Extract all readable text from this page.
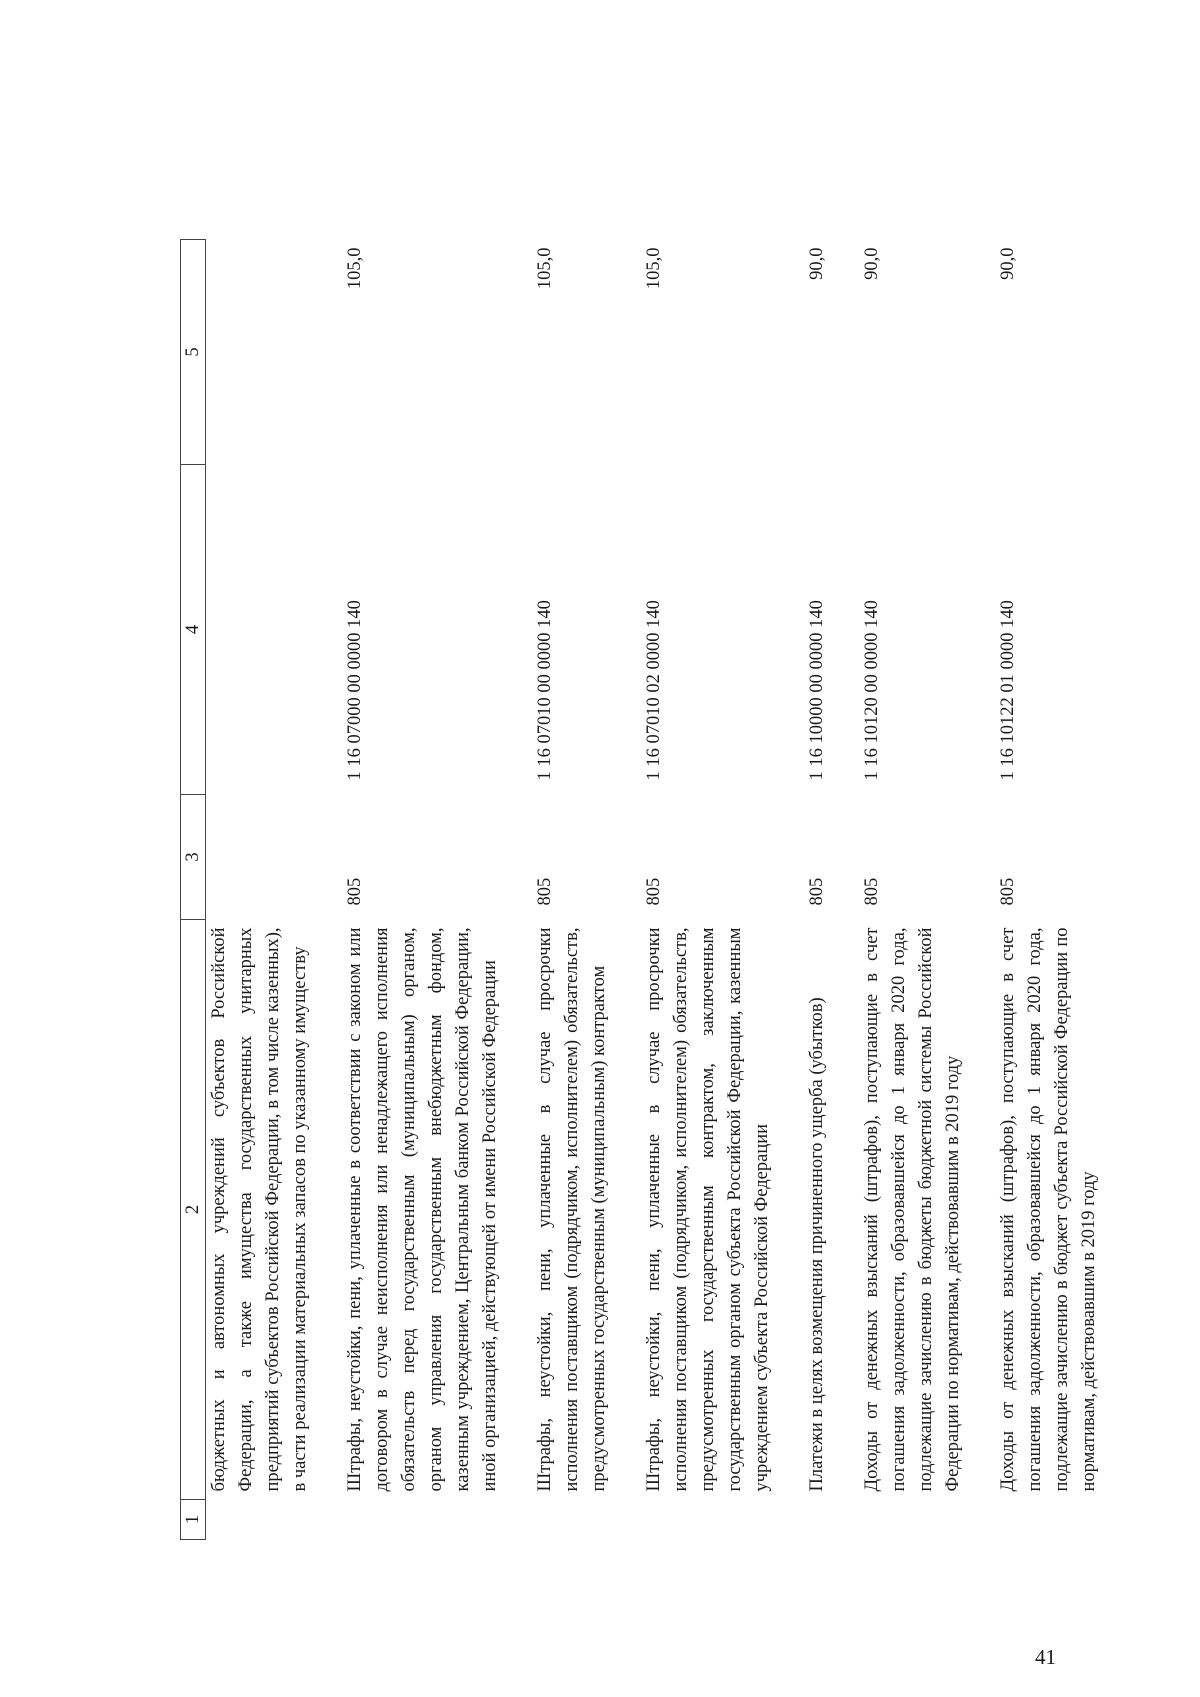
1	2	3	4	5
	бюджетных и автономных учреждений субъектов Российской Федерации, а также имущества государственных унитарных предприятий субъектов Российской Федерации, в том числе казенных), в части реализации материальных запасов по указанному имуществу			
	Штрафы, неустойки, пени, уплаченные в соответствии с законом или договором в случае неисполнения или ненадлежащего исполнения обязательств перед государственным (муниципальным) органом, органом управления государственным внебюджетным фондом, казенным учреждением, Центральным банком Российской Федерации, иной организацией, действующей от имени Российской Федерации	805	1 16 07000 00 0000 140	105,0
	Штрафы, неустойки, пени, уплаченные в случае просрочки исполнения поставщиком (подрядчиком, исполнителем) обязательств, предусмотренных государственным (муниципальным) контрактом	805	1 16 07010 00 0000 140	105,0
	Штрафы, неустойки, пени, уплаченные в случае просрочки исполнения поставщиком (подрядчиком, исполнителем) обязательств, предусмотренных государственным контрактом, заключенным государственным органом субъекта Российской Федерации, казенным учреждением субъекта Российской Федерации	805	1 16 07010 02 0000 140	105,0
	Платежи в целях возмещения причиненного ущерба (убытков)	805	1 16 10000 00 0000 140	90,0
	Доходы от денежных взысканий (штрафов), поступающие в счет погашения задолженности, образовавшейся до 1 января 2020 года, подлежащие зачислению в бюджеты бюджетной системы Российской Федерации по нормативам, действовавшим в 2019 году	805	1 16 10120 00 0000 140	90,0
	Доходы от денежных взысканий (штрафов), поступающие в счет погашения задолженности, образовавшейся до 1 января 2020 года, подлежащие зачислению в бюджет субъекта Российской Федерации по нормативам, действовавшим в 2019 году	805	1 16 10122 01 0000 140	90,0
41
